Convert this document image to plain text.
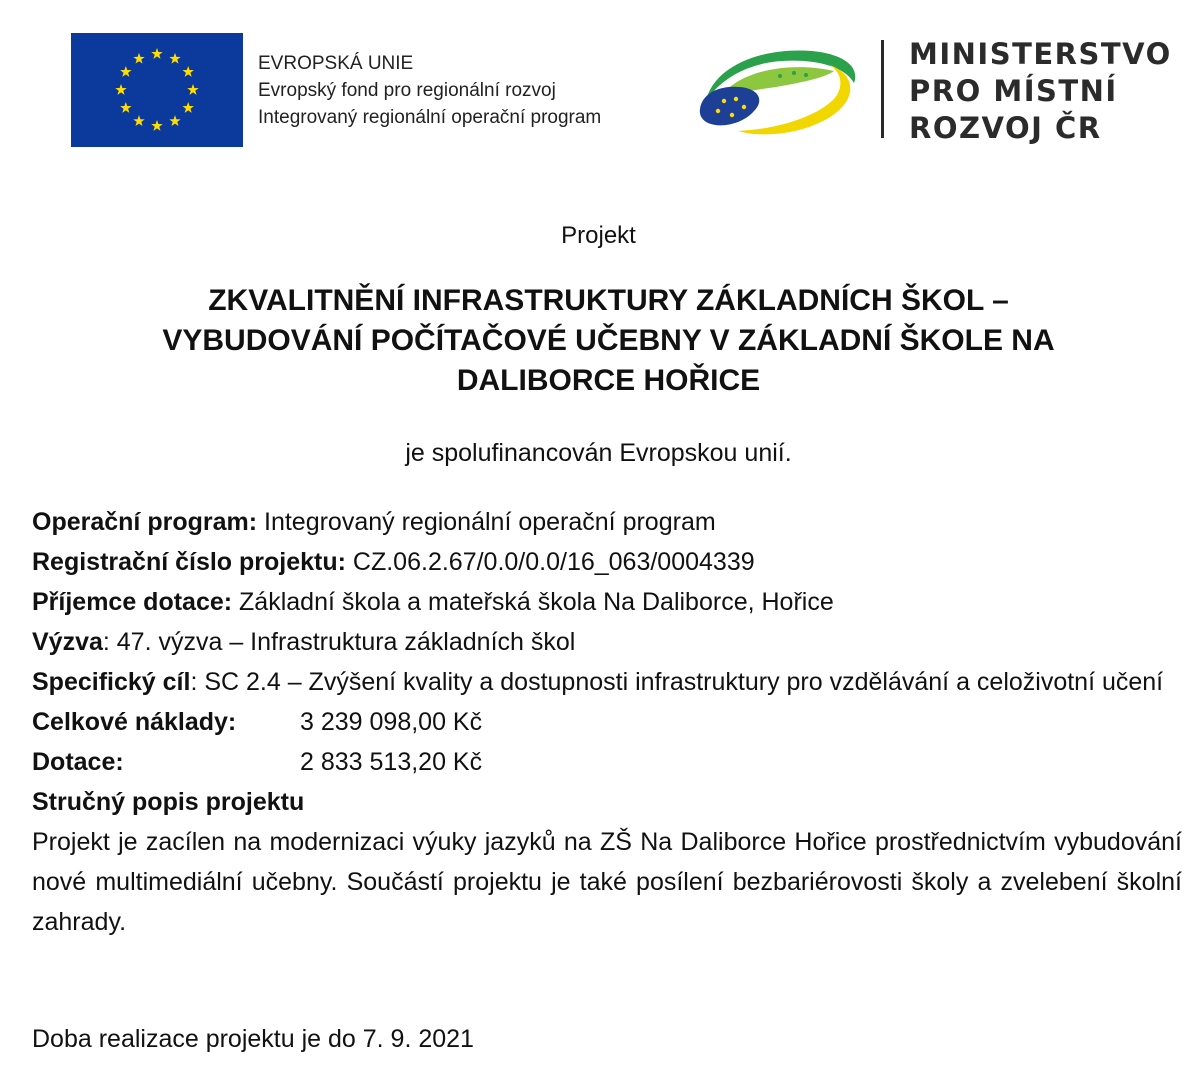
EVROPSKÁ UNIE
Evropský fond pro regionální rozvoj
Integrovaný regionální operační program
MINISTERSTVO
PRO MÍSTNÍ
ROZVOJ ČR
Projekt
ZKVALITNĚNÍ INFRASTRUKTURY ZÁKLADNÍCH ŠKOL –
VYBUDOVÁNÍ POČÍTAČOVÉ UČEBNY V ZÁKLADNÍ ŠKOLE NA
DALIBORCE HOŘICE
je spolufinancován Evropskou unií.
Operační program: Integrovaný regionální operační program
Registrační číslo projektu: CZ.06.2.67/0.0/0.0/16_063/0004339
Příjemce dotace: Základní škola a mateřská škola Na Daliborce, Hořice
Výzva: 47. výzva – Infrastruktura základních škol
Specifický cíl: SC 2.4 – Zvýšení kvality a dostupnosti infrastruktury pro vzdělávání a celoživotní učení
Celkové náklady:	3 239 098,00 Kč
Dotace:	2 833 513,20 Kč
Stručný popis projektu
Projekt je zacílen na modernizaci výuky jazyků na ZŠ Na Daliborce Hořice prostřednictvím vybudování nové multimediální učebny. Součástí projektu je také posílení bezbariérovosti školy a zvelebení školní zahrady.
Doba realizace projektu je do 7. 9. 2021
